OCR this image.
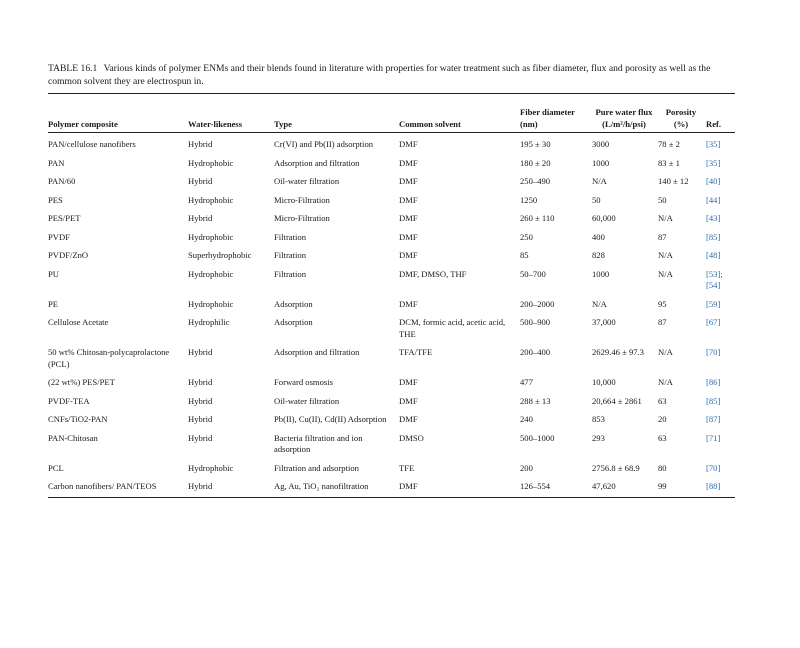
TABLE 16.1 Various kinds of polymer ENMs and their blends found in literature with properties for water treatment such as fiber diameter, flux and porosity as well as the common solvent they are electrospun in.
Polymer composite	Water-likeness	Type	Common solvent	Fiber diameter (nm)	Pure water flux (L/m²/h/psi)	Porosity (%)	Ref.
PAN/cellulose nanofibers	Hybrid	Cr(VI) and Pb(II) adsorption	DMF	195 ± 30	3000	78 ± 2	[35]
PAN	Hydrophobic	Adsorption and filtration	DMF	180 ± 20	1000	83 ± 1	[35]
PAN/60	Hybrid	Oil-water filtration	DMF	250–490	N/A	140 ± 12	[40]
PES	Hydrophobic	Micro-Filtration	DMF	1250	50	50	[44]
PES/PET	Hybrid	Micro-Filtration	DMF	260 ± 110	60,000	N/A	[43]
PVDF	Hydrophobic	Filtration	DMF	250	400	87	[85]
PVDF/ZnO	Superhydrophobic	Filtration	DMF	85	828	N/A	[48]
PU	Hydrophobic	Filtration	DMF, DMSO, THF	50–700	1000	N/A	[53]; [54]
PE	Hydrophobic	Adsorption	DMF	200–2000	N/A	95	[59]
Cellulose Acetate	Hydrophilic	Adsorption	DCM, formic acid, acetic acid, THE	500–900	37,000	87	[67]
50 wt% Chitosan-polycaprolactone (PCL)	Hybrid	Adsorption and filtration	TFA/TFE	200–400	2629.46 ± 97.3	N/A	[70]
(22 wt%) PES/PET	Hybrid	Forward osmosis	DMF	477	10,000	N/A	[86]
PVDF-TEA	Hybrid	Oil-water filtration	DMF	288 ± 13	20,664 ± 2861	63	[85]
CNFs/TiO2-PAN	Hybrid	Pb(II), Cu(II), Cd(II) Adsorption	DMF	240	853	20	[87]
PAN-Chitosan	Hybrid	Bacteria filtration and ion adsorption	DMSO	500–1000	293	63	[71]
PCL	Hydrophobic	Filtration and adsorption	TFE	200	2756.8 ± 68.9	80	[70]
Carbon nanofibers/ PAN/TEOS	Hybrid	Ag, Au, TiO₂ nanofiltration	DMF	126–554	47,620	99	[88]
